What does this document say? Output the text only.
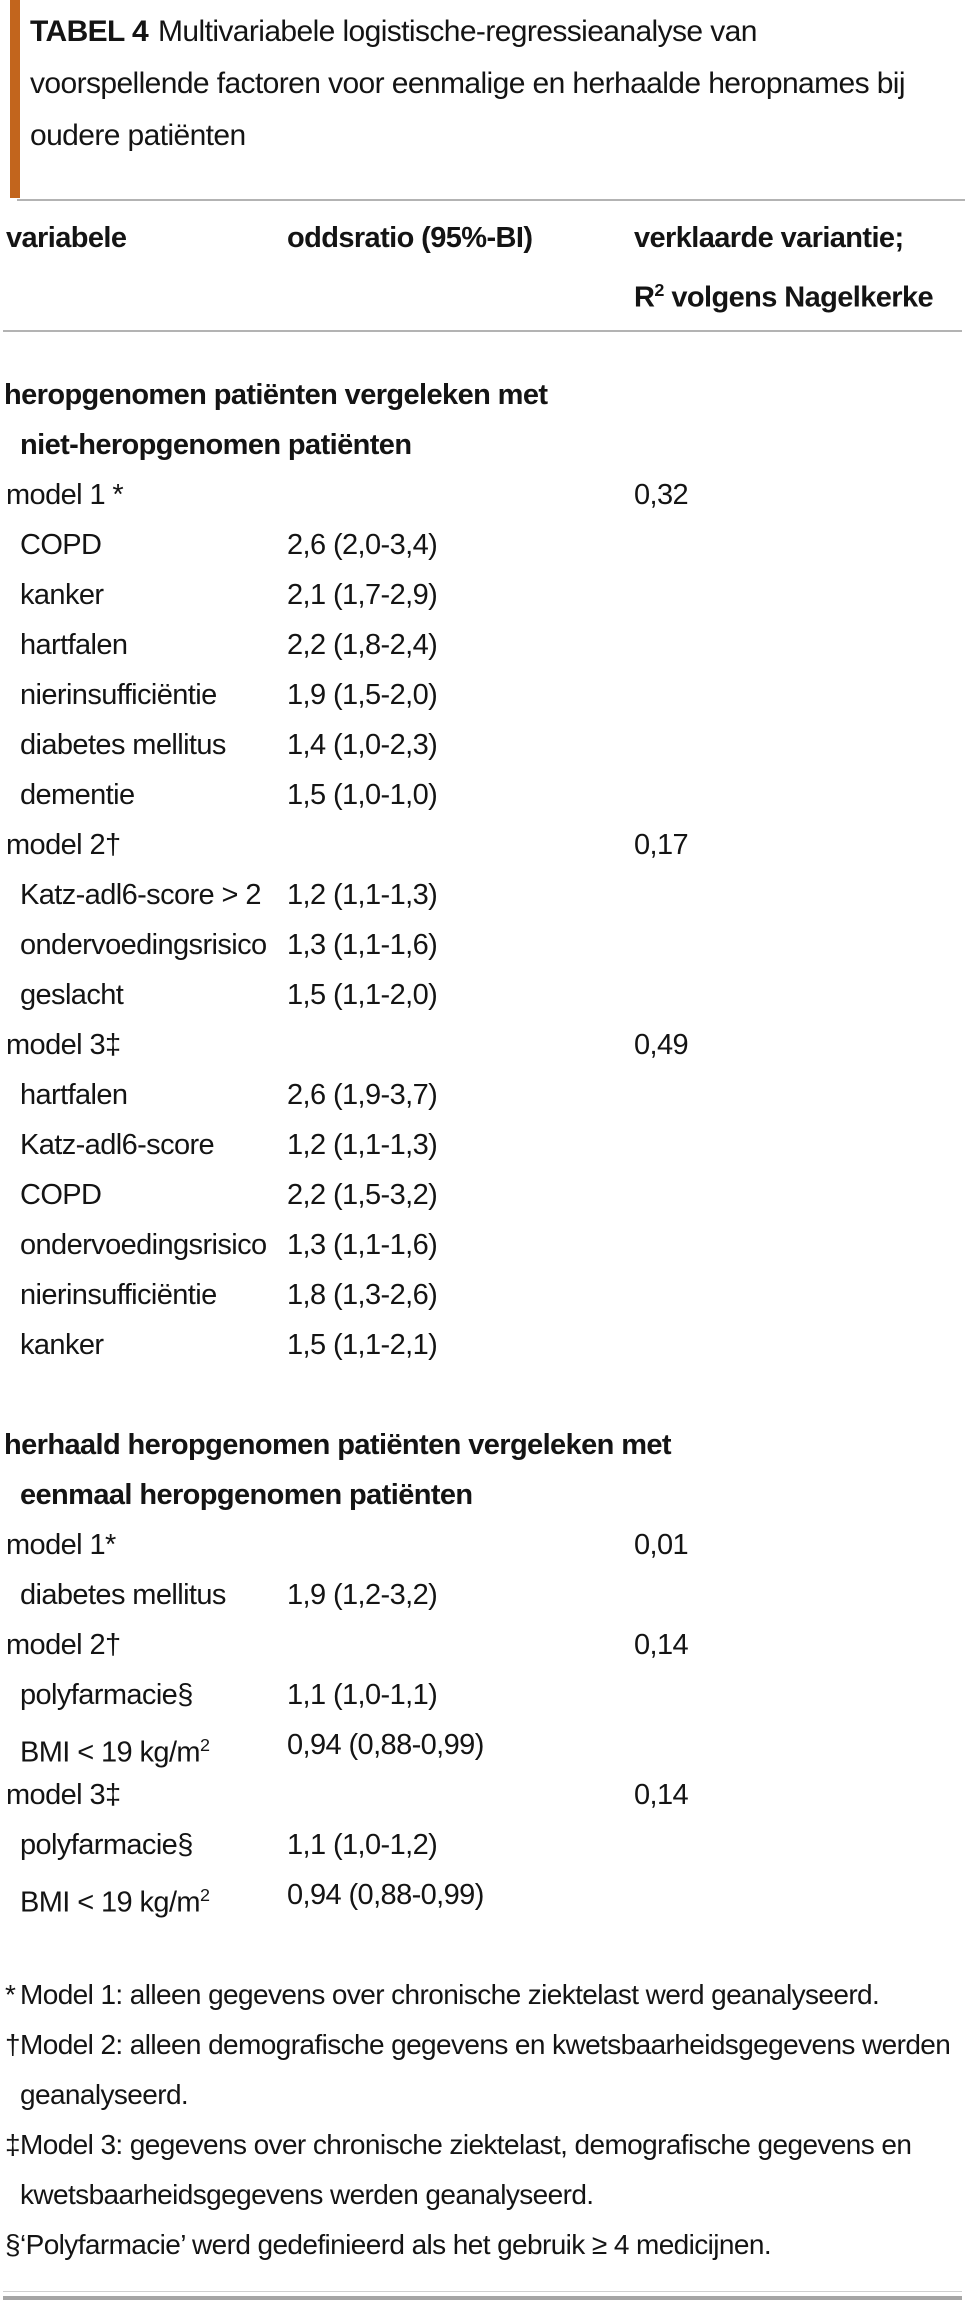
TABEL 4 Multivariabele logistische-regressieanalyse van
voorspellende factoren voor eenmalige en herhaalde heropnames bij
oudere patiënten
variabele	oddsratio (95%-BI)	verklaarde variantie;
$R^2$ volgens Nagelkerke
heropgenomen patiënten vergeleken met
niet-heropgenomen patiënten
model 1 *	0,32
COPD	2,6 (2,0-3,4)
kanker	2,1 (1,7-2,9)
hartfalen	2,2 (1,8-2,4)
nierinsufficiëntie	1,9 (1,5-2,0)
diabetes mellitus	1,4 (1,0-2,3)
dementie	1,5 (1,0-1,0)
model 2†	0,17
Katz-adl6-score > 2 1,2 (1,1-1,3)
ondervoedingsrisico 1,3 (1,1-1,6)
geslacht	1,5 (1,1-2,0)
model 3‡	0,49
hartfalen	2,6 (1,9-3,7)
Katz-adl6-score	1,2 (1,1-1,3)
COPD	2,2 (1,5-3,2)
ondervoedingsrisico 1,3 (1,1-1,6)
nierinsufficiëntie	1,8 (1,3-2,6)
kanker	1,5 (1,1-2,1)
herhaald heropgenomen patiënten vergeleken met
eenmaal heropgenomen patiënten
model 1*	0,01
diabetes mellitus	1,9 (1,2-3,2)
model 2†	0,14
polyfarmacie§	1,1 (1,0-1,1)
BMI < 19 $kg/m^2$	0,94 (0,88-0,99)
model 3‡	0,14
polyfarmacie§	1,1 (1,0-1,2)
BMI < 19 $kg/m^2$	0,94 (0,88-0,99)
* Model 1: alleen gegevens over chronische ziektelast werd geanalyseerd.
† Model 2: alleen demografische gegevens en kwetsbaarheidsgegevens werden
geanalyseerd.
‡ Model 3: gegevens over chronische ziektelast, demografische gegevens en
kwetsbaarheidsgegevens werden geanalyseerd.
§ ‘Polyfarmacie’ werd gedefinieerd als het gebruik ≥ 4 medicijnen.
